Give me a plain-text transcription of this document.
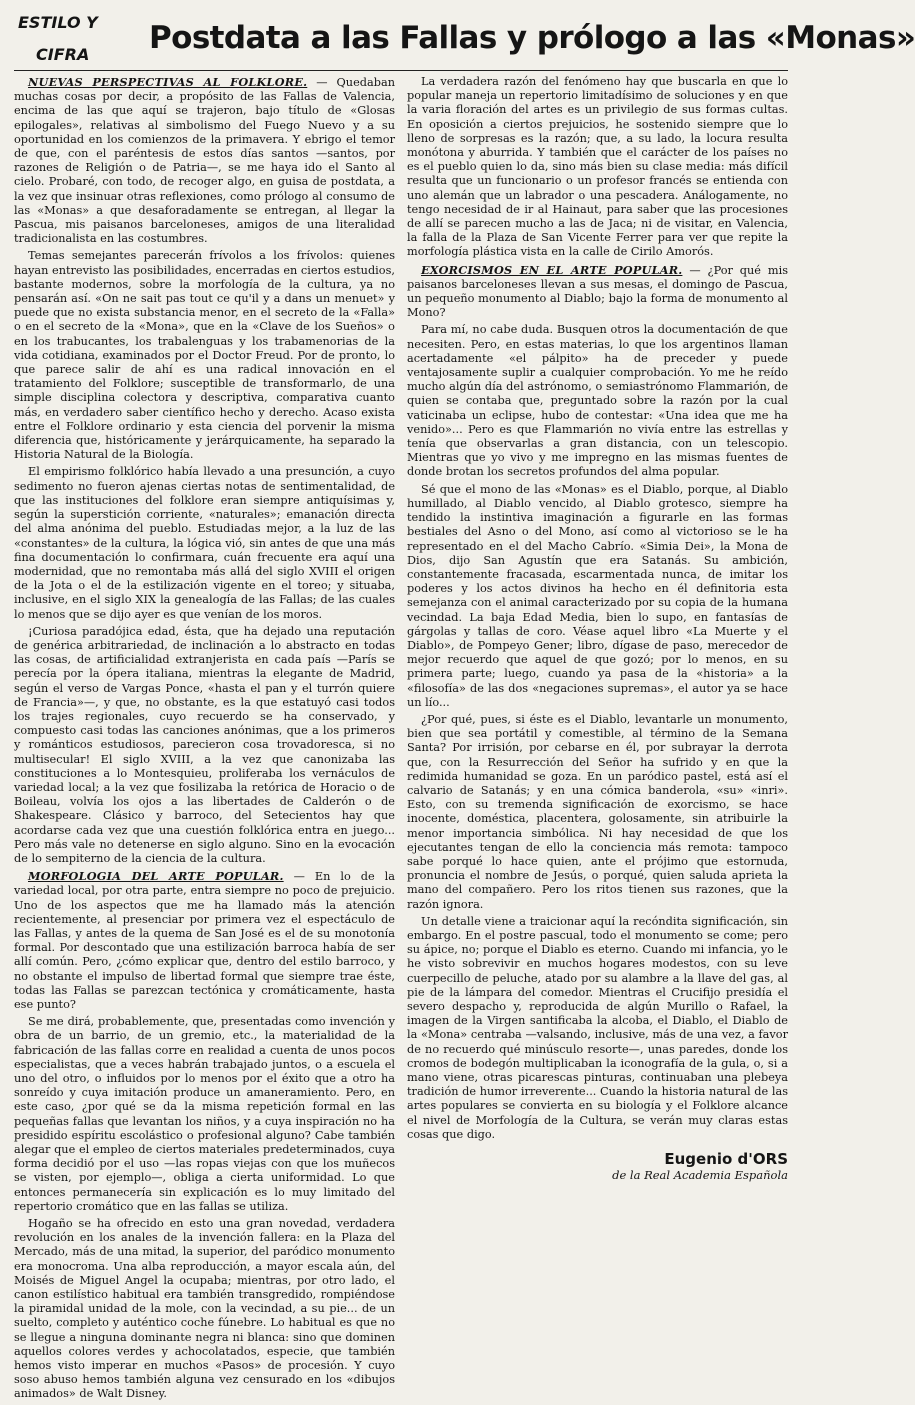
ESTILO Y
CIFRA Postdata a las Fallas y prólogo a las «Monas»

NUEVAS PERSPECTIVAS AL FOLKLORE. — Quedaban muchas cosas por decir, a propósito de las Fallas de Valencia, encima de las que aquí se trajeron, bajo título de «Glosas epilogales», relativas al simbolismo del Fuego Nuevo y a su oportunidad en los comienzos de la primavera. Y ebrigo el temor de que, con el paréntesis de estos días santos —santos, por razones de Religión o de Patria—, se me haya ido el Santo al cielo. Probaré, con todo, de recoger algo, en guisa de postdata, a la vez que insinuar otras reflexiones, como prólogo al consumo de las «Monas» a que desaforadamente se entregan, al llegar la Pascua, mis paisanos barceloneses, amigos de una literalidad tradicionalista en las costumbres.

Temas semejantes parecerán frívolos a los frívolos: quienes hayan entrevisto las posibilidades, encerradas en ciertos estudios, bastante modernos, sobre la morfología de la cultura, ya no pensarán así. «On ne sait pas tout ce qu'il y a dans un menuet» y puede que no exista substancia menor, en el secreto de la «Falla» o en el secreto de la «Mona», que en la «Clave de los Sueños» o en los trabucantes, los trabalenguas y los trabamenorias de la vida cotidiana, examinados por el Doctor Freud. Por de pronto, lo que parece salir de ahí es una radical innovación en el tratamiento del Folklore; susceptible de transformarlo, de una simple disciplina colectora y descriptiva, comparativa cuanto más, en verdadero saber científico hecho y derecho. Acaso exista entre el Folklore ordinario y esta ciencia del porvenir la misma diferencia que, históricamente y jerárquicamente, ha separado la Historia Natural de la Biología.

El empirismo folklórico había llevado a una presunción, a cuyo sedimento no fueron ajenas ciertas notas de sentimentalidad, de que las instituciones del folklore eran siempre antiquísimas y, según la superstición corriente, «naturales»; emanación directa del alma anónima del pueblo. Estudiadas mejor, a la luz de las «constantes» de la cultura, la lógica vió, sin antes de que una más fina documentación lo confirmara, cuán frecuente era aquí una modernidad, que no remontaba más allá del siglo XVIII el origen de la Jota o el de la estilización vigente en el toreo; y situaba, inclusive, en el siglo XIX la genealogía de las Fallas; de las cuales lo menos que se dijo ayer es que venían de los moros.

¡Curiosa paradójica edad, ésta, que ha dejado una reputación de genérica arbitrariedad, de inclinación a lo abstracto en todas las cosas, de artificialidad extranjerista en cada país —París se perecía por la ópera italiana, mientras la elegante de Madrid, según el verso de Vargas Ponce, «hasta el pan y el turrón quiere de Francia»—, y que, no obstante, es la que estatuyó casi todos los trajes regionales, cuyo recuerdo se ha conservado, y compuesto casi todas las canciones anónimas, que a los primeros y románticos estudiosos, parecieron cosa trovadoresca, si no multisecular! El siglo XVIII, a la vez que canonizaba las constituciones a lo Montesquieu, proliferaba los vernáculos de variedad local; a la vez que fosilizaba la retórica de Horacio o de Boileau, volvía los ojos a las libertades de Calderón o de Shakespeare. Clásico y barroco, del Setecientos hay que acordarse cada vez que una cuestión folklórica entra en juego... Pero más vale no detenerse en siglo alguno. Sino en la evocación de lo sempiterno de la ciencia de la cultura.

MORFOLOGIA DEL ARTE POPULAR. — En lo de la variedad local, por otra parte, entra siempre no poco de prejuicio. Uno de los aspectos que me ha llamado más la atención recientemente, al presenciar por primera vez el espectáculo de las Fallas, y antes de la quema de San José es el de su monotonía formal. Por descontado que una estilización barroca había de ser allí común. Pero, ¿cómo explicar que, dentro del estilo barroco, y no obstante el impulso de libertad formal que siempre trae éste, todas las Fallas se parezcan tectónica y cromáticamente, hasta ese punto?

Se me dirá, probablemente, que, presentadas como invención y obra de un barrio, de un gremio, etc., la materialidad de la fabricación de las fallas corre en realidad a cuenta de unos pocos especialistas, que a veces habrán trabajado juntos, o a escuela el uno del otro, o influidos por lo menos por el éxito que a otro ha sonreído y cuya imitación produce un amaneramiento. Pero, en este caso, ¿por qué se da la misma repetición formal en las pequeñas fallas que levantan los niños, y a cuya inspiración no ha presidido espíritu escolástico o profesional alguno? Cabe también alegar que el empleo de ciertos materiales predeterminados, cuya forma decidió por el uso —las ropas viejas con que los muñecos se visten, por ejemplo—, obliga a cierta uniformidad. Lo que entonces permanecería sin explicación es lo muy limitado del repertorio cromático que en las fallas se utiliza.

Hogaño se ha ofrecido en esto una gran novedad, verdadera revolución en los anales de la invención fallera: en la Plaza del Mercado, más de una mitad, la superior, del paródico monumento era monocroma. Una alba reproducción, a mayor escala aún, del Moisés de Miguel Angel la ocupaba; mientras, por otro lado, el canon estilístico habitual era también transgredido, rompiéndose la piramidal unidad de la mole, con la vecindad, a su pie... de un suelto, completo y auténtico coche fúnebre. Lo habitual es que no se llegue a ninguna dominante negra ni blanca: sino que dominen aquellos colores verdes y achocolatados, especie, que también hemos visto imperar en muchos «Pasos» de procesión. Y cuyo soso abuso hemos también alguna vez censurado en los «dibujos animados» de Walt Disney.

La verdadera razón del fenómeno hay que buscarla en que lo popular maneja un repertorio limitadísimo de soluciones y en que la varia floración del artes es un privilegio de sus formas cultas. En oposición a ciertos prejuicios, he sostenido siempre que lo lleno de sorpresas es la razón; que, a su lado, la locura resulta monótona y aburrida. Y también que el carácter de los países no es el pueblo quien lo da, sino más bien su clase media: más difícil resulta que un funcionario o un profesor francés se entienda con uno alemán que un labrador o una pescadera. Análogamente, no tengo necesidad de ir al Hainaut, para saber que las procesiones de allí se parecen mucho a las de Jaca; ni de visitar, en Valencia, la falla de la Plaza de San Vicente Ferrer para ver que repite la morfología plástica vista en la calle de Cirilo Amorós.

EXORCISMOS EN EL ARTE POPULAR. — ¿Por qué mis paisanos barceloneses llevan a sus mesas, el domingo de Pascua, un pequeño monumento al Diablo; bajo la forma de monumento al Mono?

Para mí, no cabe duda. Busquen otros la documentación de que necesiten. Pero, en estas materias, lo que los argentinos llaman acertadamente «el pálpito» ha de preceder y puede ventajosamente suplir a cualquier comprobación. Yo me he reído mucho algún día del astrónomo, o semiastrónomo Flammarión, de quien se contaba que, preguntado sobre la razón por la cual vaticinaba un eclipse, hubo de contestar: «Una idea que me ha venido»... Pero es que Flammarión no vivía entre las estrellas y tenía que observarlas a gran distancia, con un telescopio. Mientras que yo vivo y me impregno en las mismas fuentes de donde brotan los secretos profundos del alma popular.

Sé que el mono de las «Monas» es el Diablo, porque, al Diablo humillado, al Diablo vencido, al Diablo grotesco, siempre ha tendido la instintiva imaginación a figurarle en las formas bestiales del Asno o del Mono, así como al victorioso se le ha representado en el del Macho Cabrío. «Simia Dei», la Mona de Dios, dijo San Agustín que era Satanás. Su ambición, constantemente fracasada, escarmentada nunca, de imitar los poderes y los actos divinos ha hecho en él definitoria esta semejanza con el animal caracterizado por su copia de la humana vecindad. La baja Edad Media, bien lo supo, en fantasías de gárgolas y tallas de coro. Véase aquel libro «La Muerte y el Diablo», de Pompeyo Gener; libro, dígase de paso, merecedor de mejor recuerdo que aquel de que gozó; por lo menos, en su primera parte; luego, cuando ya pasa de la «historia» a la «filosofía» de las dos «negaciones supremas», el autor ya se hace un lío...

¿Por qué, pues, si éste es el Diablo, levantarle un monumento, bien que sea portátil y comestible, al término de la Semana Santa? Por irrisión, por cebarse en él, por subrayar la derrota que, con la Resurrección del Señor ha sufrido y en que la redimida humanidad se goza. En un paródico pastel, está así el calvario de Satanás; y en una cómica banderola, «su» «inri». Esto, con su tremenda significación de exorcismo, se hace inocente, doméstica, placentera, golosamente, sin atribuirle la menor importancia simbólica. Ni hay necesidad de que los ejecutantes tengan de ello la conciencia más remota: tampoco sabe porqué lo hace quien, ante el prójimo que estornuda, pronuncia el nombre de Jesús, o porqué, quien saluda aprieta la mano del compañero. Pero los ritos tienen sus razones, que la razón ignora.

Un detalle viene a traicionar aquí la recóndita significación, sin embargo. En el postre pascual, todo el monumento se come; pero su ápice, no; porque el Diablo es eterno. Cuando mi infancia, yo le he visto sobrevivir en muchos hogares modestos, con su leve cuerpecillo de peluche, atado por su alambre a la llave del gas, al pie de la lámpara del comedor. Mientras el Crucifijo presidía el severo despacho y, reproducida de algún Murillo o Rafael, la imagen de la Virgen santificaba la alcoba, el Diablo, el Diablo de la «Mona» centraba —valsando, inclusive, más de una vez, a favor de no recuerdo qué minúsculo resorte—, unas paredes, donde los cromos de bodegón multiplicaban la iconografía de la gula, o, si a mano viene, otras picarescas pinturas, continuaban una plebeya tradición de humor irreverente... Cuando la historia natural de las artes populares se convierta en su biología y el Folklore alcance el nivel de Morfología de la Cultura, se verán muy claras estas cosas que digo.

Eugenio d'ORS
de la Real Academia Española
